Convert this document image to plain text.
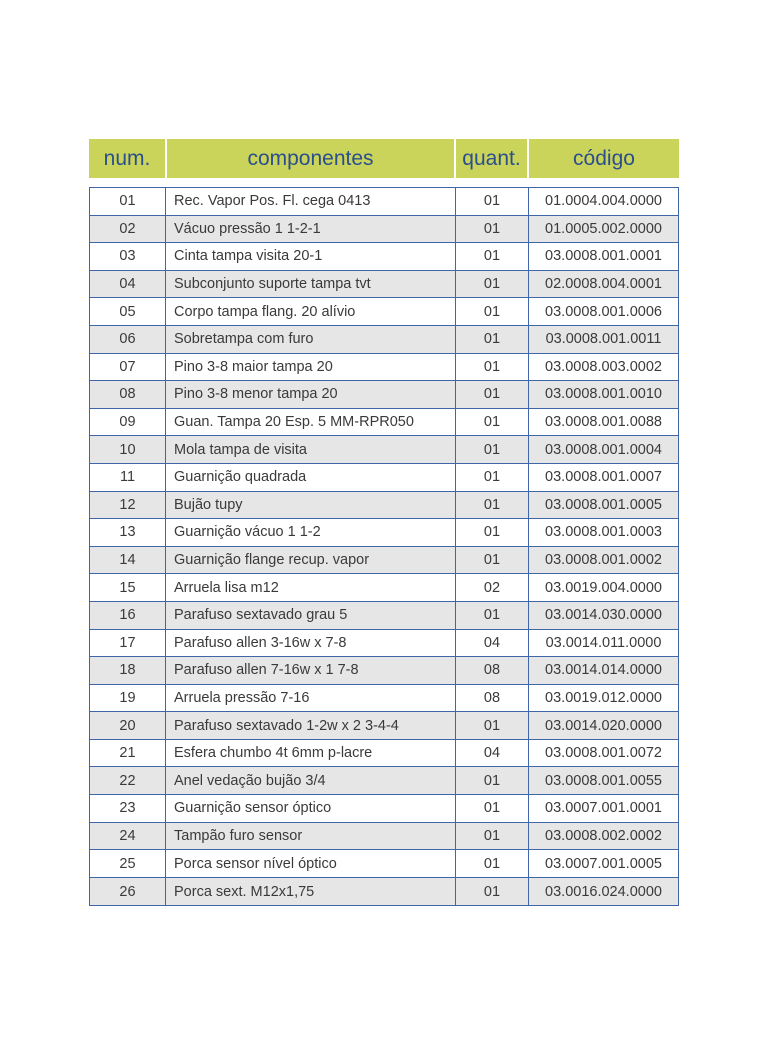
num.	componentes	quant.	código
01	Rec. Vapor Pos. Fl. cega 0413	01	01.0004.004.0000
02	Vácuo pressão 1 1-2-1	01	01.0005.002.0000
03	Cinta tampa visita 20-1	01	03.0008.001.0001
04	Subconjunto suporte tampa tvt	01	02.0008.004.0001
05	Corpo tampa flang. 20 alívio	01	03.0008.001.0006
06	Sobretampa com furo	01	03.0008.001.0011
07	Pino 3-8 maior tampa 20	01	03.0008.003.0002
08	Pino 3-8 menor tampa 20	01	03.0008.001.0010
09	Guan. Tampa 20 Esp. 5 MM-RPR050	01	03.0008.001.0088
10	Mola tampa de visita	01	03.0008.001.0004
11	Guarnição quadrada	01	03.0008.001.0007
12	Bujão tupy	01	03.0008.001.0005
13	Guarnição vácuo 1 1-2	01	03.0008.001.0003
14	Guarnição flange recup. vapor	01	03.0008.001.0002
15	Arruela lisa m12	02	03.0019.004.0000
16	Parafuso sextavado grau 5	01	03.0014.030.0000
17	Parafuso allen 3-16w x 7-8	04	03.0014.011.0000
18	Parafuso allen 7-16w x 1 7-8	08	03.0014.014.0000
19	Arruela pressão 7-16	08	03.0019.012.0000
20	Parafuso sextavado 1-2w x 2 3-4-4	01	03.0014.020.0000
21	Esfera chumbo 4t 6mm p-lacre	04	03.0008.001.0072
22	Anel vedação bujão 3/4	01	03.0008.001.0055
23	Guarnição sensor óptico	01	03.0007.001.0001
24	Tampão furo sensor	01	03.0008.002.0002
25	Porca sensor nível óptico	01	03.0007.001.0005
26	Porca sext. M12x1,75	01	03.0016.024.0000
